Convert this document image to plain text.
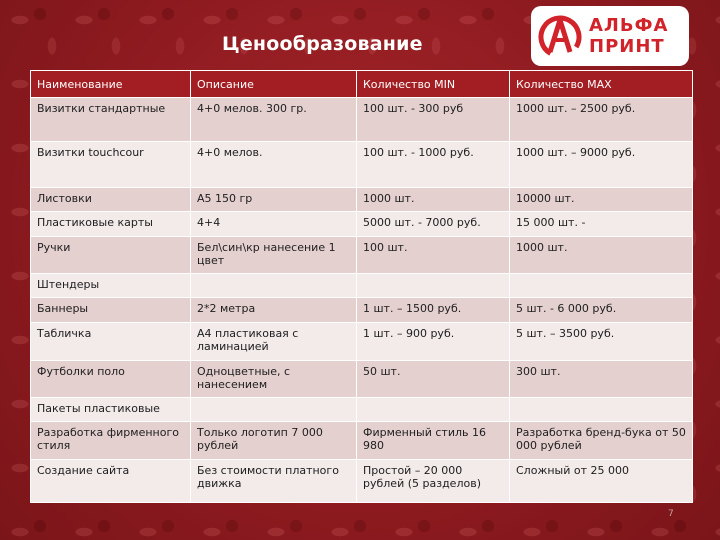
Ценообразование
АЛЬФА
ПРИНТ
Наименование	Описание	Количество MIN	Количество MAX
Визитки стандартные	4+0 мелов. 300 гр.	100 шт. - 300 руб	1000 шт. – 2500 руб.
Визитки touchcour	4+0 мелов.	100 шт. - 1000 руб.	1000 шт. – 9000 руб.
Листовки	А5 150 гр	1000 шт.	10000 шт.
Пластиковые карты	4+4	5000 шт. - 7000 руб.	15 000 шт. -
Ручки	Бел\син\кр нанесение 1 цвет	100 шт.	1000 шт.
Штендеры			
Баннеры	2*2 метра	1 шт. – 1500 руб.	5 шт. - 6 000 руб.
Табличка	А4 пластиковая с ламинацией	1 шт. – 900 руб.	5 шт. – 3500 руб.
Футболки поло	Одноцветные, с нанесением	50 шт.	300 шт.
Пакеты пластиковые			
Разработка фирменного стиля	Только логотип 7 000 рублей	Фирменный стиль 16 980	Разработка бренд-бука от 50 000 рублей
Создание сайта	Без стоимости платного движка	Простой – 20 000 рублей (5 разделов)	Сложный от 25 000
7
